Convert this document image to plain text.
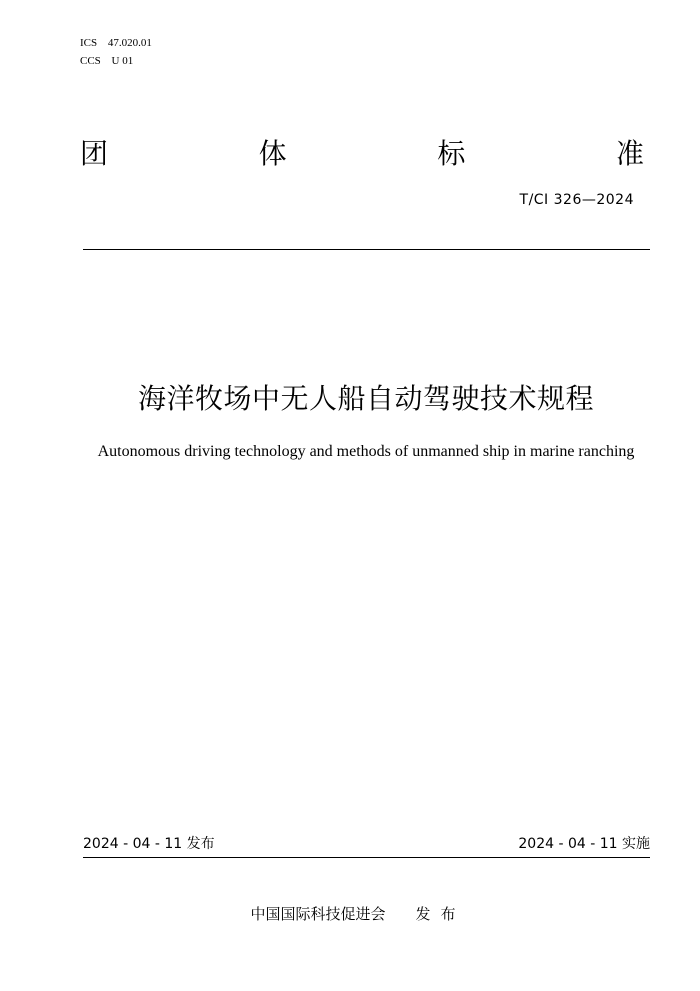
ICS 47.020.01
CCS U 01
团	体	标	准
T/CI 326—2024
海洋牧场中无人船自动驾驶技术规程
Autonomous driving technology and methods of unmanned ship in marine ranching
2024 - 04 - 11 发布	2024 - 04 - 11 实施
中国国际科技促进会 发布
